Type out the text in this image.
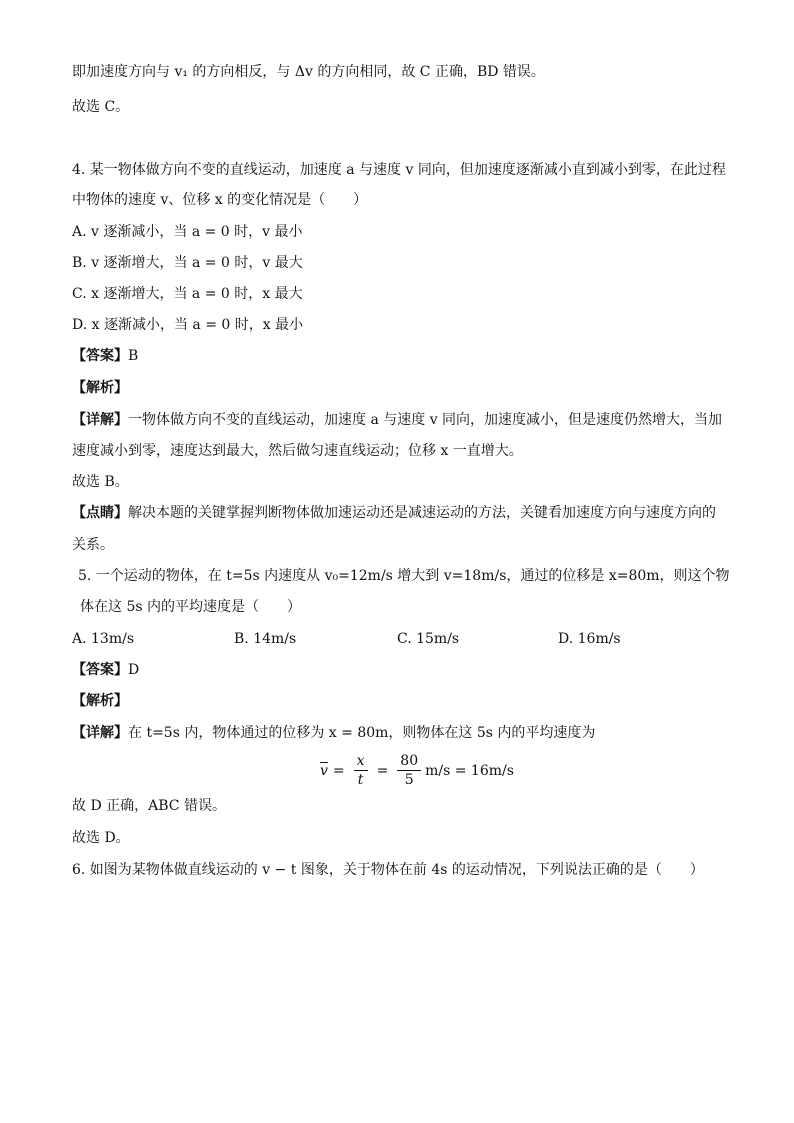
即加速度方向与 v₁ 的方向相反，与 Δv 的方向相同，故 C 正确，BD 错误。
故选 C。
4. 某一物体做方向不变的直线运动，加速度 a 与速度 v 同向，但加速度逐渐减小直到减小到零，在此过程
中物体的速度 v、位移 x 的变化情况是（　　）
A. v 逐渐减小，当 a = 0 时，v 最小
B. v 逐渐增大，当 a = 0 时，v 最大
C. x 逐渐增大，当 a = 0 时，x 最大
D. x 逐渐减小，当 a = 0 时，x 最小
【答案】B
【解析】
【详解】一物体做方向不变的直线运动，加速度 a 与速度 v 同向，加速度减小，但是速度仍然增大，当加
速度减小到零，速度达到最大，然后做匀速直线运动；位移 x 一直增大。
故选 B。
【点睛】解决本题的关键掌握判断物体做加速运动还是减速运动的方法，关键看加速度方向与速度方向的
关系。
5. 一个运动的物体，在 t=5s 内速度从 v₀=12m/s 增大到 v=18m/s，通过的位移是 x=80m，则这个物
体在这 5s 内的平均速度是（　　）
A. 13m/s	B. 14m/s	C. 15m/s	D. 16m/s
【答案】D
【解析】
【详解】在 t=5s 内，物体通过的位移为 x = 80m，则物体在这 5s 内的平均速度为
$\overline{v} = \frac{x}{t} = \frac{80}{5} m/s = 16m/s$
故 D 正确，ABC 错误。
故选 D。
6. 如图为某物体做直线运动的 v − t 图象，关于物体在前 4s 的运动情况，下列说法正确的是（　　）
